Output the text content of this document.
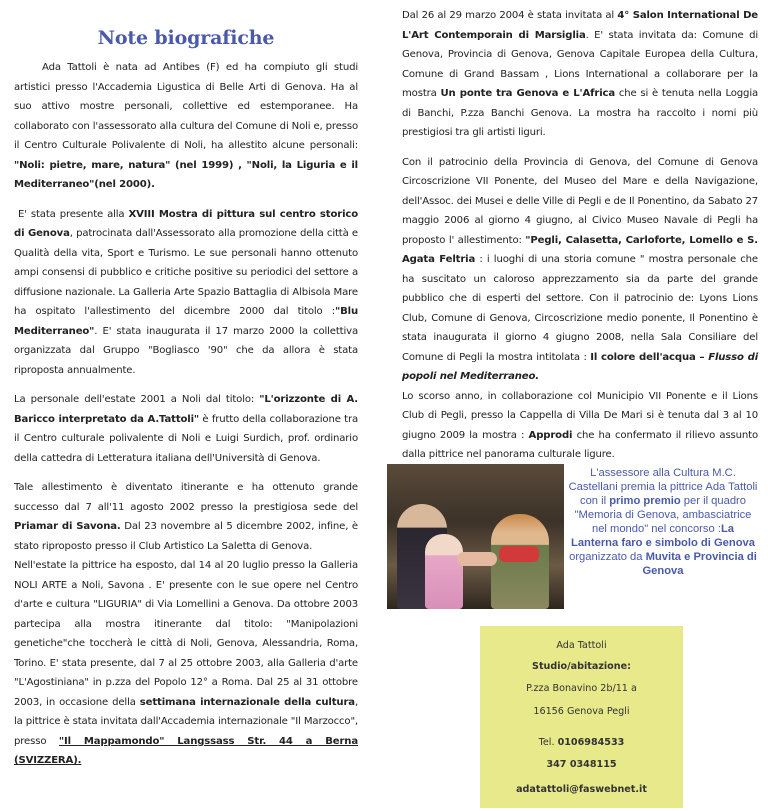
Note biografiche

Ada Tattoli è nata ad Antibes (F) ed ha compiuto gli studi artistici presso l'Accademia Ligustica di Belle Arti di Genova. Ha al suo attivo mostre personali, collettive ed estemporanee. Ha collaborato con l'assessorato alla cultura del Comune di Noli e, presso il Centro Culturale Polivalente di Noli, ha allestito alcune personali: "Noli: pietre, mare, natura" (nel 1999) , "Noli, la Liguria e il Mediterraneo"(nel 2000).

E' stata presente alla XVIII Mostra di pittura sul centro storico di Genova, patrocinata dall'Assessorato alla promozione della città e Qualità della vita, Sport e Turismo. Le sue personali hanno ottenuto ampi consensi di pubblico e critiche positive su periodici del settore a diffusione nazionale. La Galleria Arte Spazio Battaglia di Albisola Mare ha ospitato l'allestimento del dicembre 2000 dal titolo :"Blu Mediterraneo". E' stata inaugurata il 17 marzo 2000 la collettiva organizzata dal Gruppo "Bogliasco '90" che da allora è stata riproposta annualmente.

La personale dell'estate 2001 a Noli dal titolo: "L'orizzonte di A. Baricco interpretato da A.Tattoli" è frutto della collaborazione tra il Centro culturale polivalente di Noli e Luigi Surdich, prof. ordinario della cattedra di Letteratura italiana dell'Università di Genova.

Tale allestimento è diventato itinerante e ha ottenuto grande successo dal 7 all'11 agosto 2002 presso la prestigiosa sede del Priamar di Savona. Dal 23 novembre al 5 dicembre 2002, infine, è stato riproposto presso il Club Artistico La Saletta di Genova.

Nell'estate la pittrice ha esposto, dal 14 al 20 luglio presso la Galleria NOLI ARTE a Noli, Savona . E' presente con le sue opere nel Centro d'arte e cultura "LIGURIA" di Via Lomellini a Genova. Da ottobre 2003 partecipa alla mostra itinerante dal titolo: "Manipolazioni genetiche"che toccherà le città di Noli, Genova, Alessandria, Roma, Torino. E' stata presente, dal 7 al 25 ottobre 2003, alla Galleria d'arte "L'Agostiniana" in p.zza del Popolo 12° a Roma. Dal 25 al 31 ottobre 2003, in occasione della settimana internazionale della cultura, la pittrice è stata invitata dall'Accademia internazionale "Il Marzocco", presso "Il Mappamondo" Langssass Str. 44 a Berna (SVIZZERA).

Dal 26 al 29 marzo 2004 è stata invitata al 4° Salon International De L'Art Contemporain di Marsiglia. E' stata invitata da: Comune di Genova, Provincia di Genova, Genova Capitale Europea della Cultura, Comune di Grand Bassam , Lions International a collaborare per la mostra Un ponte tra Genova e L'Africa che si è tenuta nella Loggia di Banchi, P.zza Banchi Genova. La mostra ha raccolto i nomi più prestigiosi tra gli artisti liguri.

Con il patrocinio della Provincia di Genova, del Comune di Genova Circoscrizione VII Ponente, del Museo del Mare e della Navigazione, dell'Assoc. dei Musei e delle Ville di Pegli e de Il Ponentino, da Sabato 27 maggio 2006 al giorno 4 giugno, al Civico Museo Navale di Pegli ha proposto l' allestimento: "Pegli, Calasetta, Carloforte, Lomello e S. Agata Feltria : i luoghi di una storia comune " mostra personale che ha suscitato un caloroso apprezzamento sia da parte del grande pubblico che di esperti del settore. Con il patrocinio de: Lyons Lions Club, Comune di Genova, Circoscrizione medio ponente, Il Ponentino è stata inaugurata il giorno 4 giugno 2008, nella Sala Consiliare del Comune di Pegli la mostra intitolata : Il colore dell'acqua – Flusso di popoli nel Mediterraneo.

Lo scorso anno, in collaborazione col Municipio VII Ponente e il Lions Club di Pegli, presso la Cappella di Villa De Mari si è tenuta dal 3 al 10 giugno 2009 la mostra : Approdi che ha confermato il rilievo assunto dalla pittrice nel panorama culturale ligure.

L'assessore alla Cultura M.C. Castellani premia la pittrice Ada Tattoli con il primo premio per il quadro "Memoria di Genova, ambasciatrice nel mondo" nel concorso :La Lanterna faro e simbolo di Genova organizzato da Muvita e Provincia di Genova
Ada Tattoli
Studio/abitazione:
P.zza Bonavino 2b/11 a
16156 Genova Pegli
Tel. 0106984533
347 0348115
adatattoli@faswebnet.it
